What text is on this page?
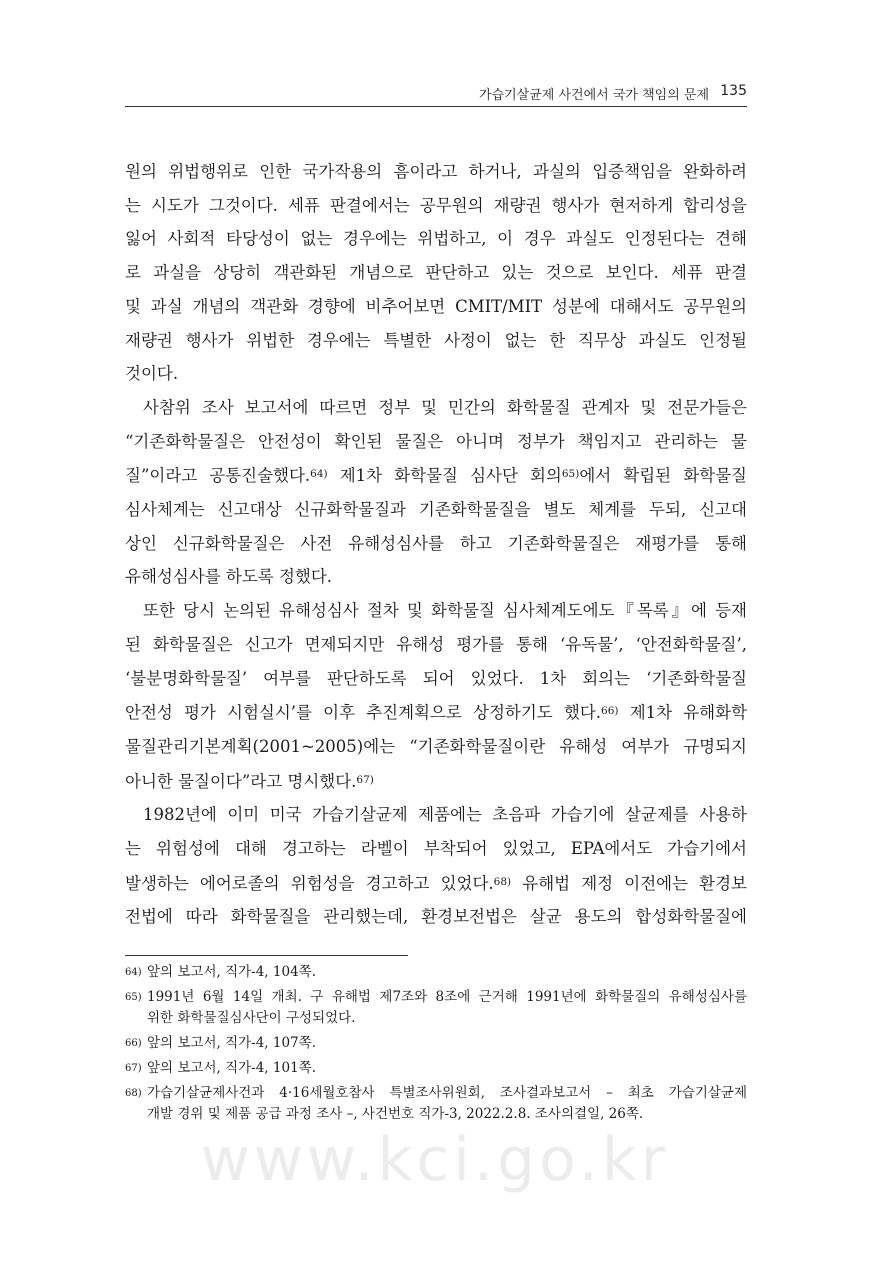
가습기살균제 사건에서 국가 책임의 문제 135
원의 위법행위로 인한 국가작용의 흠이라고 하거나, 과실의 입증책임을 완화하려
는 시도가 그것이다. 세퓨 판결에서는 공무원의 재량권 행사가 현저하게 합리성을
잃어 사회적 타당성이 없는 경우에는 위법하고, 이 경우 과실도 인정된다는 견해
로 과실을 상당히 객관화된 개념으로 판단하고 있는 것으로 보인다. 세퓨 판결
및 과실 개념의 객관화 경향에 비추어보면 CMIT/MIT 성분에 대해서도 공무원의
재량권 행사가 위법한 경우에는 특별한 사정이 없는 한 직무상 과실도 인정될
것이다.
사참위 조사 보고서에 따르면 정부 및 민간의 화학물질 관계자 및 전문가들은
“기존화학물질은 안전성이 확인된 물질은 아니며 정부가 책임지고 관리하는 물
질”이라고 공통진술했다.$^{64)}$ 제1차 화학물질 심사단 회의$^{65)}$에서 확립된 화학물질
심사체계는 신고대상 신규화학물질과 기존화학물질을 별도 체계를 두되, 신고대
상인 신규화학물질은 사전 유해성심사를 하고 기존화학물질은 재평가를 통해
유해성심사를 하도록 정했다.
또한 당시 논의된 유해성심사 절차 및 화학물질 심사체계도에도『목록』에 등재
된 화학물질은 신고가 면제되지만 유해성 평가를 통해 ‘유독물’, ‘안전화학물질’,
‘불분명화학물질’ 여부를 판단하도록 되어 있었다. 1차 회의는 ‘기존화학물질
안전성 평가 시험실시’를 이후 추진계획으로 상정하기도 했다.$^{66)}$ 제1차 유해화학
물질관리기본계획(2001~2005)에는 “기존화학물질이란 유해성 여부가 규명되지
아니한 물질이다”라고 명시했다.$^{67)}$
1982년에 이미 미국 가습기살균제 제품에는 초음파 가습기에 살균제를 사용하
는 위험성에 대해 경고하는 라벨이 부착되어 있었고, EPA에서도 가습기에서
발생하는 에어로졸의 위험성을 경고하고 있었다.$^{68)}$ 유해법 제정 이전에는 환경보
전법에 따라 화학물질을 관리했는데, 환경보전법은 살균 용도의 합성화학물질에
64) 앞의 보고서, 직가-4, 104쪽.
65) 1991년 6월 14일 개최. 구 유해법 제7조와 8조에 근거해 1991년에 화학물질의 유해성심사를
위한 화학물질심사단이 구성되었다.
66) 앞의 보고서, 직가-4, 107쪽.
67) 앞의 보고서, 직가-4, 101쪽.
68) 가습기살균제사건과 4·16세월호참사 특별조사위원회, 조사결과보고서 – 최초 가습기살균제
개발 경위 및 제품 공급 과정 조사 –, 사건번호 직가-3, 2022.2.8. 조사의결일, 26쪽.
www.kci.go.kr
